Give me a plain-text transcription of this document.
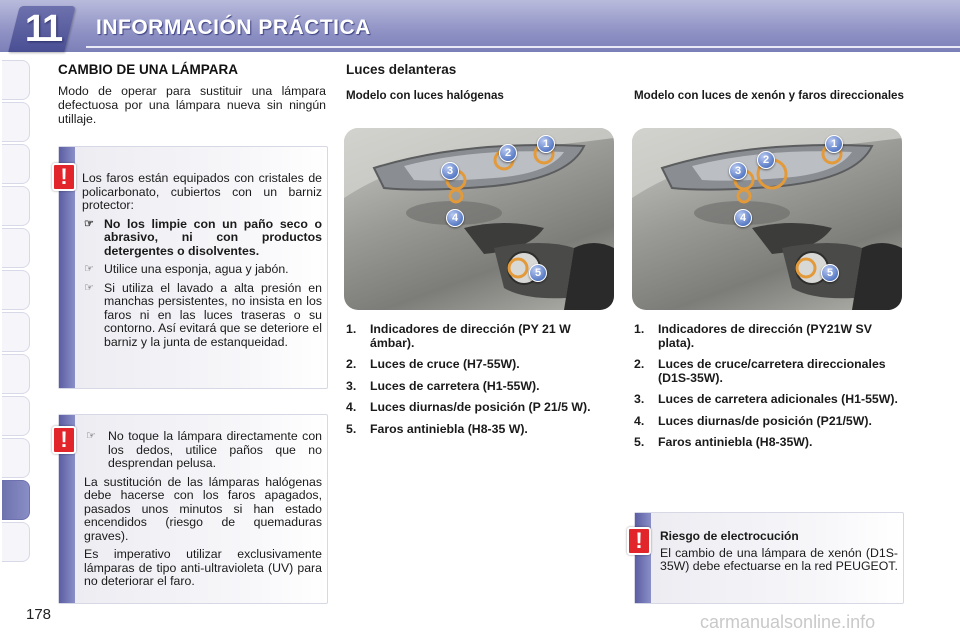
11	INFORMACIÓN PRÁCTICA
178
CAMBIO DE UNA LÁMPARA
Modo de operar para sustituir una lámpara defectuosa por una lámpara nueva sin ningún utillaje.
!	Los faros están equipados con cristales de policarbonato, cubiertos con un barniz protector:

☞ No los limpie con un paño seco o abrasivo, ni con productos detergentes o disolventes.
☞ Utilice una esponja, agua y jabón.
☞ Si utiliza el lavado a alta presión en manchas persistentes, no insista en los faros ni en las luces traseras o su contorno. Así evitará que se deteriore el barniz y la junta de estanqueidad.
!	☞ No toque la lámpara directamente con los dedos, utilice paños que no desprendan pelusa.

La sustitución de las lámparas halógenas debe hacerse con los faros apagados, pasados unos minutos si han estado encendidos (riesgo de quemaduras graves).

Es imperativo utilizar exclusivamente lámparas de tipo anti-ultravioleta (UV) para no deteriorar el faro.

Luces delanteras
Modelo con luces halógenas	Modelo con luces de xenón y faros direccionales
1
2
3
4
5
1
2
3
4
5
1. Indicadores de dirección (PY 21 W ámbar).
2. Luces de cruce (H7-55W).
3. Luces de carretera (H1-55W).
4. Luces diurnas/de posición (P 21/5 W).
5. Faros antiniebla (H8-35 W).
1. Indicadores de dirección (PY21W SV plata).
2. Luces de cruce/carretera direccionales (D1S-35W).
3. Luces de carretera adicionales (H1-55W).
4. Luces diurnas/de posición (P21/5W).
5. Faros antiniebla (H8-35W).
!	Riesgo de electrocución

El cambio de una lámpara de xenón (D1S-35W) debe efectuarse en la red PEUGEOT.

carmanualsonline.info
